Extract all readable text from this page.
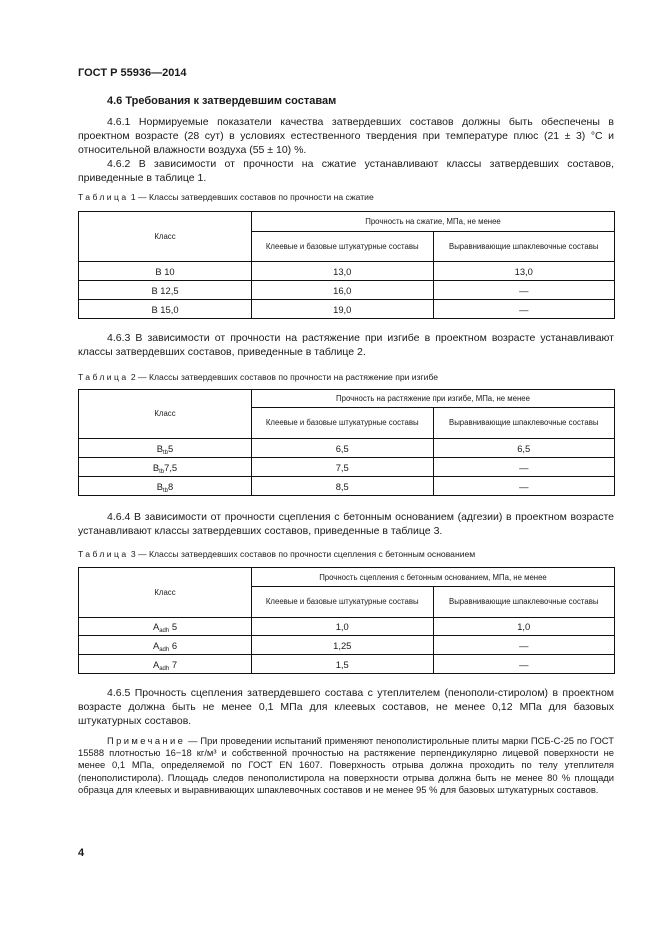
ГОСТ Р 55936—2014
4.6 Требования к затвердевшим составам

4.6.1 Нормируемые показатели качества затвердевших составов должны быть обеспечены в проектном возрасте (28 сут) в условиях естественного твердения при температуре плюс (21 ± 3) °С и относительной влажности воздуха (55 ± 10) %.

4.6.2 В зависимости от прочности на сжатие устанавливают классы затвердевших составов, приведенные в таблице 1.

Таблица 1 — Классы затвердевших составов по прочности на сжатие
Класс	Прочность на сжатие, МПа, не менее	
	Клеевые и базовые штукатурные составы	Выравнивающие шпаклевочные составы
В 10	13,0	13,0
В 12,5	16,0	—
В 15,0	19,0	—

4.6.3 В зависимости от прочности на растяжение при изгибе в проектном возрасте устанавливают классы затвердевших составов, приведенные в таблице 2.

Таблица 2 — Классы затвердевших составов по прочности на растяжение при изгибе
Класс	Прочность на растяжение при изгибе, МПа, не менее	
	Клеевые и базовые штукатурные составы	Выравнивающие шпаклевочные составы
$В_{tb}5$	6,5	6,5
$В_{tb}7,5$	7,5	—
$В_{tb}8$	8,5	—

4.6.4 В зависимости от прочности сцепления с бетонным основанием (адгезии) в проектном возрасте устанавливают классы затвердевших составов, приведенные в таблице 3.

Таблица 3 — Классы затвердевших составов по прочности сцепления с бетонным основанием
Класс	Прочность сцепления с бетонным основанием, МПа, не менее	
	Клеевые и базовые штукатурные составы	Выравнивающие шпаклевочные составы
$А_{adh}$ 5	1,0	1,0
$А_{adh}$ 6	1,25	—
$А_{adh}$ 7	1,5	—

4.6.5 Прочность сцепления затвердевшего состава с утеплителем (пенополи-стиролом) в проектном возрасте должна быть не менее 0,1 МПа для клеевых составов, не менее 0,12 МПа для базовых штукатурных составов.

Примечание — При проведении испытаний применяют пенополистирольные плиты марки ПСБ-С-25 по ГОСТ 15588 плотностью 16−18 кг/м³ и собственной прочностью на растяжение перпендикулярно лицевой поверхности не менее 0,1 МПа, определяемой по ГОСТ EN 1607. Поверхность отрыва должна проходить по телу утеплителя (пенополистирола). Площадь следов пенополистирола на поверхности отрыва должна быть не менее 80 % площади образца для клеевых и выравнивающих шпаклевочных составов и не менее 95 % для базовых штукатурных составов.

4
